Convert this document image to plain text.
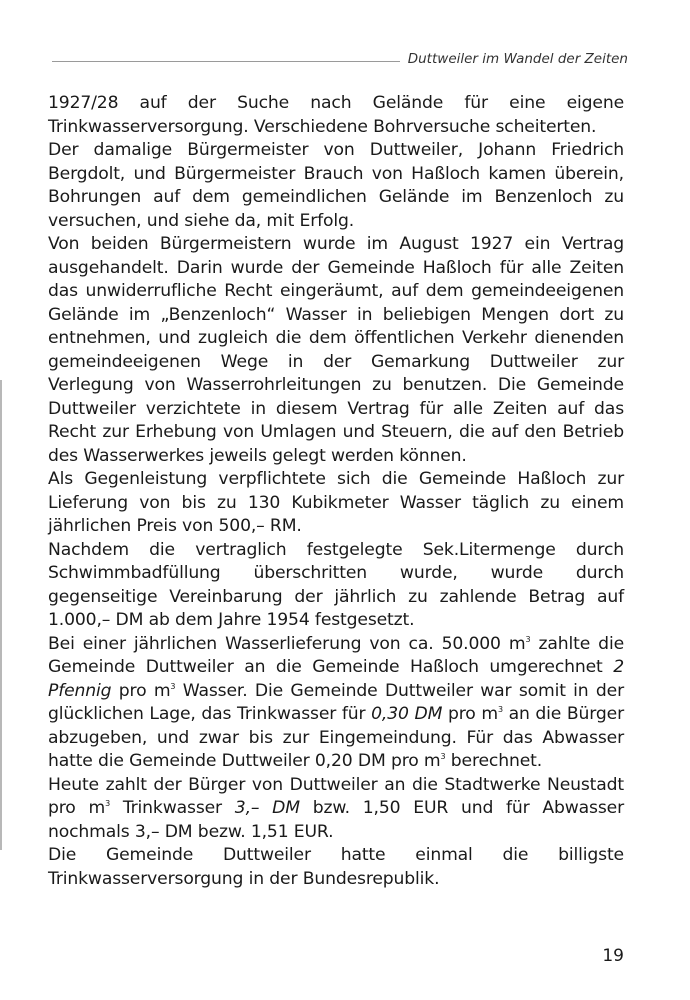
Duttweiler im Wandel der Zeiten

1927/28 auf der Suche nach Gelände für eine eigene Trinkwasserversorgung. Verschiedene Bohrversuche scheiterten.

Der damalige Bürgermeister von Duttweiler, Johann Friedrich Bergdolt, und Bürgermeister Brauch von Haßloch kamen überein, Bohrungen auf dem gemeindlichen Gelände im Benzenloch zu versuchen, und siehe da, mit Erfolg.

Von beiden Bürgermeistern wurde im August 1927 ein Vertrag ausgehandelt. Darin wurde der Gemeinde Haßloch für alle Zeiten das unwiderrufliche Recht eingeräumt, auf dem gemeindeeigenen Gelände im „Benzenloch“ Wasser in beliebigen Mengen dort zu entnehmen, und zugleich die dem öffentlichen Verkehr dienenden gemeindeeigenen Wege in der Gemarkung Duttweiler zur Verlegung von Wasserrohrleitungen zu benutzen. Die Gemeinde Duttweiler verzichtete in diesem Vertrag für alle Zeiten auf das Recht zur Erhebung von Umlagen und Steuern, die auf den Betrieb des Wasserwerkes jeweils gelegt werden können.

Als Gegenleistung verpflichtete sich die Gemeinde Haßloch zur Lieferung von bis zu 130 Kubikmeter Wasser täglich zu einem jährlichen Preis von 500,– RM.

Nachdem die vertraglich festgelegte Sek.Litermenge durch Schwimmbadfüllung überschritten wurde, wurde durch gegenseitige Vereinbarung der jährlich zu zahlende Betrag auf 1.000,– DM ab dem Jahre 1954 festgesetzt.

Bei einer jährlichen Wasserlieferung von ca. 50.000 $m^3$ zahlte die Gemeinde Duttweiler an die Gemeinde Haßloch umgerechnet 2 Pfennig pro $m^3$ Wasser. Die Gemeinde Duttweiler war somit in der glücklichen Lage, das Trinkwasser für 0,30 DM pro $m^3$ an die Bürger abzugeben, und zwar bis zur Eingemeindung. Für das Abwasser hatte die Gemeinde Duttweiler 0,20 DM pro $m^3$ berechnet.

Heute zahlt der Bürger von Duttweiler an die Stadtwerke Neustadt pro $m^3$ Trinkwasser 3,– DM bzw. 1,50 EUR und für Abwasser nochmals 3,– DM bezw. 1,51 EUR.

Die Gemeinde Duttweiler hatte einmal die billigste Trinkwasserversorgung in der Bundesrepublik.

19
